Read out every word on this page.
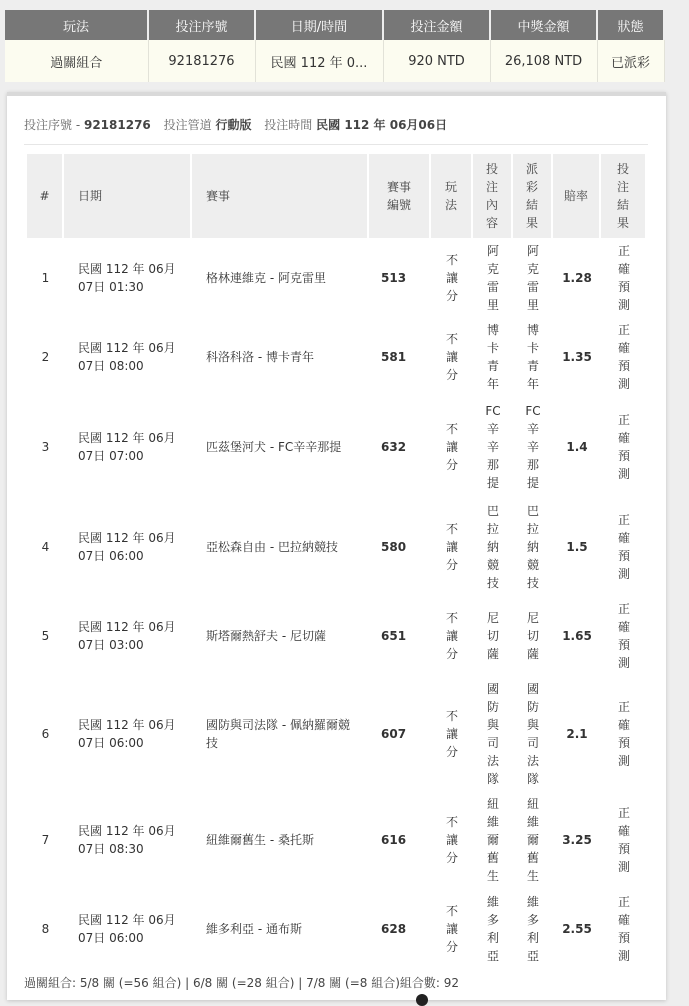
玩法	投注序號	日期/時間	投注金額	中獎金額	狀態
過關組合	92181276	民國 112 年 0...	920 NTD	26,108 NTD	已派彩
投注序號 - 92181276 投注管道 行動版 投注時間 民國 112 年 06月06日
#	日期	賽事	賽事編號	玩法	投注內容	派彩結果	賠率	投注結果
1	民國 112 年 06月 07日 01:30	格林連維克 - 阿克雷里	513	不讓分	阿克雷里	阿克雷里	1.28	正確預測
2	民國 112 年 06月 07日 08:00	科洛科洛 - 博卡青年	581	不讓分	博卡青年	博卡青年	1.35	正確預測
3	民國 112 年 06月 07日 07:00	匹茲堡河犬 - FC辛辛那提	632	不讓分	FC辛辛那提	FC辛辛那提	1.4	正確預測
4	民國 112 年 06月 07日 06:00	亞松森自由 - 巴拉納競技	580	不讓分	巴拉納競技	巴拉納競技	1.5	正確預測
5	民國 112 年 06月 07日 03:00	斯塔爾熱舒夫 - 尼切薩	651	不讓分	尼切薩	尼切薩	1.65	正確預測
6	民國 112 年 06月 07日 06:00	國防與司法隊 - 佩納羅爾競技	607	不讓分	國防與司法隊	國防與司法隊	2.1	正確預測
7	民國 112 年 06月 07日 08:30	紐維爾舊生 - 桑托斯	616	不讓分	紐維爾舊生	紐維爾舊生	3.25	正確預測
8	民國 112 年 06月 07日 06:00	維多利亞 - 通布斯	628	不讓分	維多利亞	維多利亞	2.55	正確預測
過關組合: 5/8 關 (=56 組合) | 6/8 關 (=28 組合) | 7/8 關 (=8 組合)組合數: 92
